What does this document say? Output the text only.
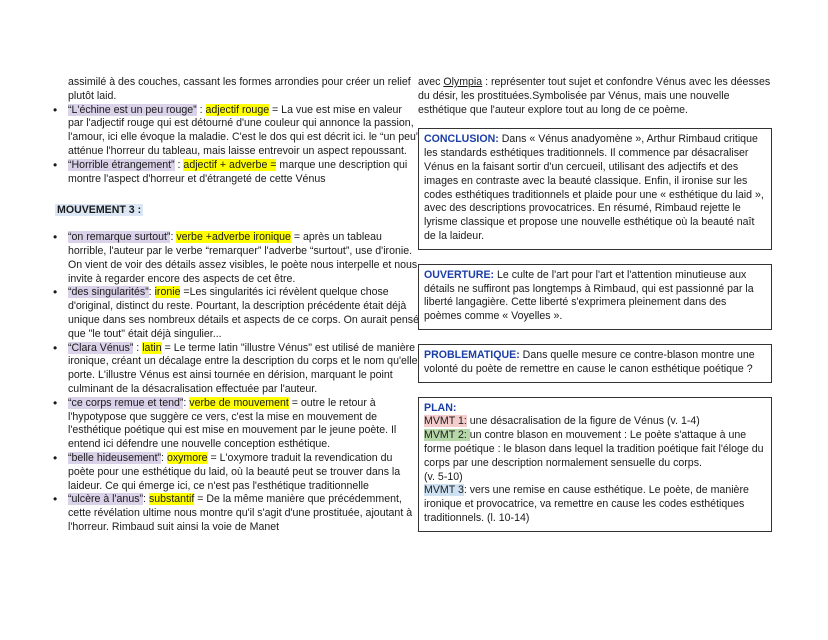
assimilé à des couches, cassant les formes arrondies pour créer un relief plutôt laid.

• “L'échine est un peu rouge” : adjectif rouge = La vue est mise en valeur par l'adjectif rouge qui est détourné d'une couleur qui annonce la passion, l'amour, ici elle évoque la maladie. C'est le dos qui est décrit ici. le “un peu” atténue l'horreur du tableau, mais laisse entrevoir un aspect repoussant.
• “Horrible étrangement” : adjectif + adverbe = marque une description qui montre l'aspect d'horreur et d'étrangeté de cette Vénus
MOUVEMENT 3 :
• “on remarque surtout”: verbe +adverbe ironique = après un tableau horrible, l'auteur par le verbe “remarquer” l'adverbe “surtout”, use d'ironie. On vient de voir des détails assez visibles, le poète nous interpelle et nous invite à regarder encore des aspects de cet être.
• “des singularités”: ironie =Les singularités ici révèlent quelque chose d'original, distinct du reste. Pourtant, la description précédente était déjà unique dans ses nombreux détails et aspects de ce corps. On aurait pensé que "le tout" était déjà singulier...
• “Clara Vénus” : latin = Le terme latin "illustre Vénus" est utilisé de manière ironique, créant un décalage entre la description du corps et le nom qu'elle porte. L'illustre Vénus est ainsi tournée en dérision, marquant le point culminant de la désacralisation effectuée par l'auteur.
• “ce corps remue et tend”: verbe de mouvement = outre le retour à l'hypotypose que suggère ce vers, c'est la mise en mouvement de l'esthétique poétique qui est mise en mouvement par le jeune poète. Il entend ici défendre une nouvelle conception esthétique.
• “belle hideusement”: oxymore = L'oxymore traduit la revendication du poète pour une esthétique du laid, où la beauté peut se trouver dans la laideur. Ce qui émerge ici, ce n'est pas l'esthétique traditionnelle
• “ulcère à l'anus”: substantif = De la même manière que précédemment, cette révélation ultime nous montre qu'il s'agit d'une prostituée, ajoutant à l'horreur. Rimbaud suit ainsi la voie de Manet

avec Olympia : représenter tout sujet et confondre Vénus avec les déesses du désir, les prostituées.Symbolisée par Vénus, mais une nouvelle esthétique que l'auteur explore tout au long de ce poème.

CONCLUSION: Dans « Vénus anadyomène », Arthur Rimbaud critique les standards esthétiques traditionnels. Il commence par désacraliser Vénus en la faisant sortir d'un cercueil, utilisant des adjectifs et des images en contraste avec la beauté classique. Enfin, il ironise sur les codes esthétiques traditionnels et plaide pour une « esthétique du laid », avec des descriptions provocatrices. En résumé, Rimbaud rejette le lyrisme classique et propose une nouvelle esthétique où la beauté naît de la laideur.
OUVERTURE: Le culte de l'art pour l'art et l'attention minutieuse aux détails ne suffiront pas longtemps à Rimbaud, qui est passionné par la liberté langagière. Cette liberté s'exprimera pleinement dans des poèmes comme « Voyelles ».
PROBLEMATIQUE: Dans quelle mesure ce contre-blason montre une volonté du poète de remettre en cause le canon esthétique poétique ?
PLAN:
MVMT 1: une désacralisation de la figure de Vénus (v. 1-4)
MVMT 2: un contre blason en mouvement : Le poète s'attaque à une forme poétique : le blason dans lequel la tradition poétique fait l'éloge du corps par une description normalement sensuelle du corps.
(v. 5-10)
MVMT 3: vers une remise en cause esthétique. Le poète, de manière ironique et provocatrice, va remettre en cause les codes esthétiques traditionnels. (l. 10-14)
